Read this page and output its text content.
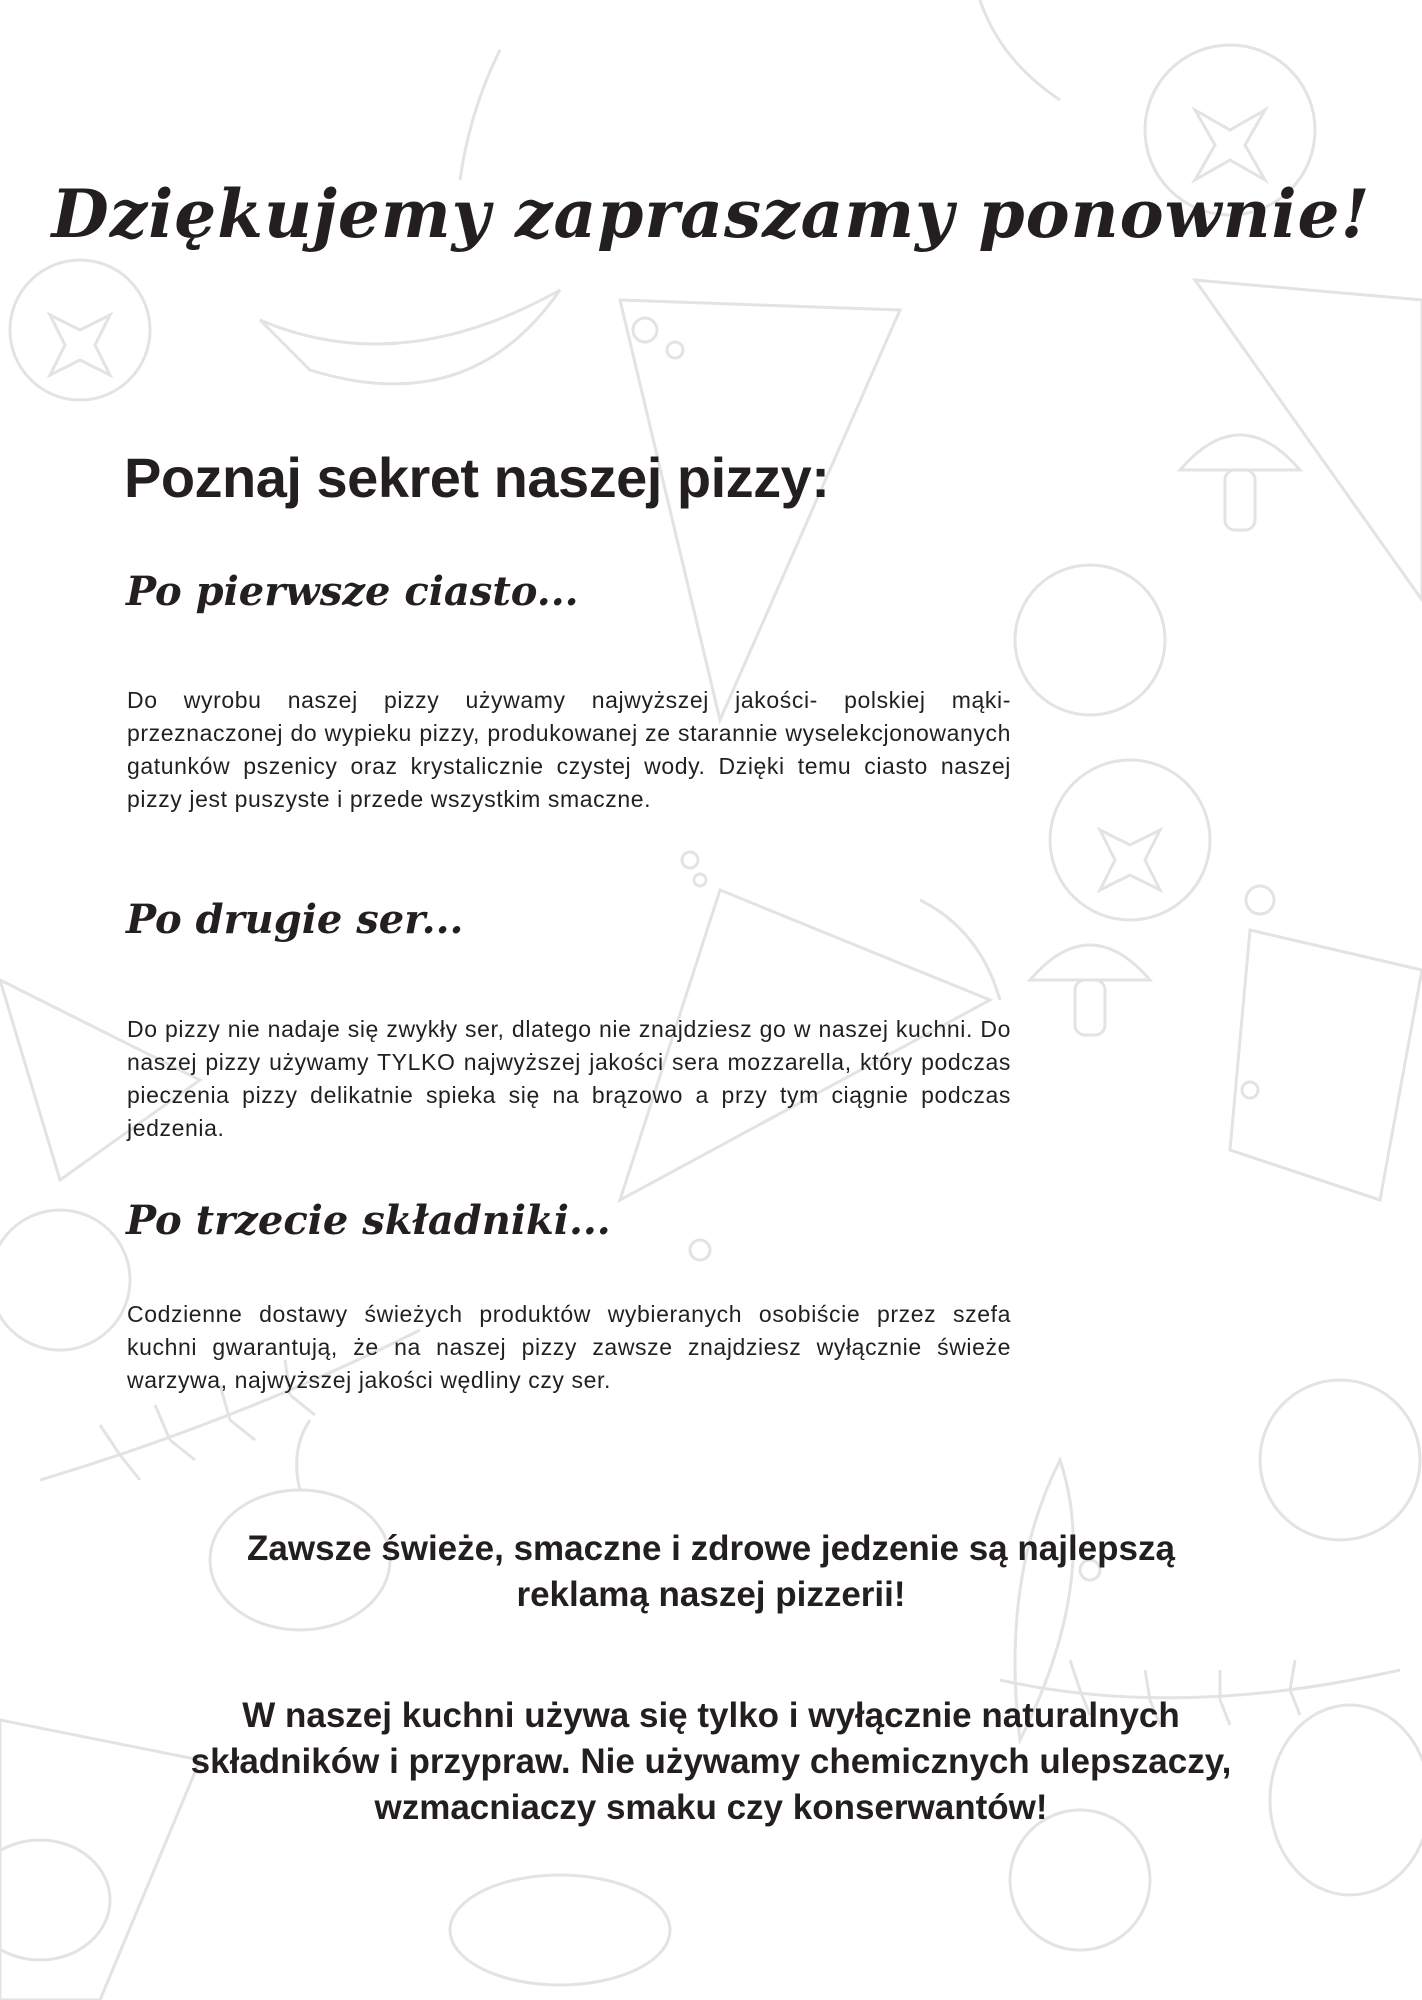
Dziękujemy zapraszamy ponownie!
Poznaj sekret naszej pizzy:
Po pierwsze ciasto...

Do wyrobu naszej pizzy używamy najwyższej jakości- polskiej mąki- przeznaczonej do wypieku pizzy, produkowanej ze starannie wyselekcjonowanych gatunków pszenicy oraz krystalicznie czystej wody. Dzięki temu ciasto naszej pizzy jest puszyste i przede wszystkim smaczne.

Po drugie ser...

Do pizzy nie nadaje się zwykły ser, dlatego nie znajdziesz go w naszej kuchni. Do naszej pizzy używamy TYLKO najwyższej jakości sera mozzarella, który podczas pieczenia pizzy delikatnie spieka się na brązowo a przy tym ciągnie podczas jedzenia.

Po trzecie składniki...

Codzienne dostawy świeżych produktów wybieranych osobiście przez szefa kuchni gwarantują, że na naszej pizzy zawsze znajdziesz wyłącznie świeże warzywa, najwyższej jakości wędliny czy ser.

Zawsze świeże, smaczne i zdrowe jedzenie są najlepszą

reklamą naszej pizzerii!

W naszej kuchni używa się tylko i wyłącznie naturalnych

składników i przypraw. Nie używamy chemicznych ulepszaczy,

wzmacniaczy smaku czy konserwantów!
